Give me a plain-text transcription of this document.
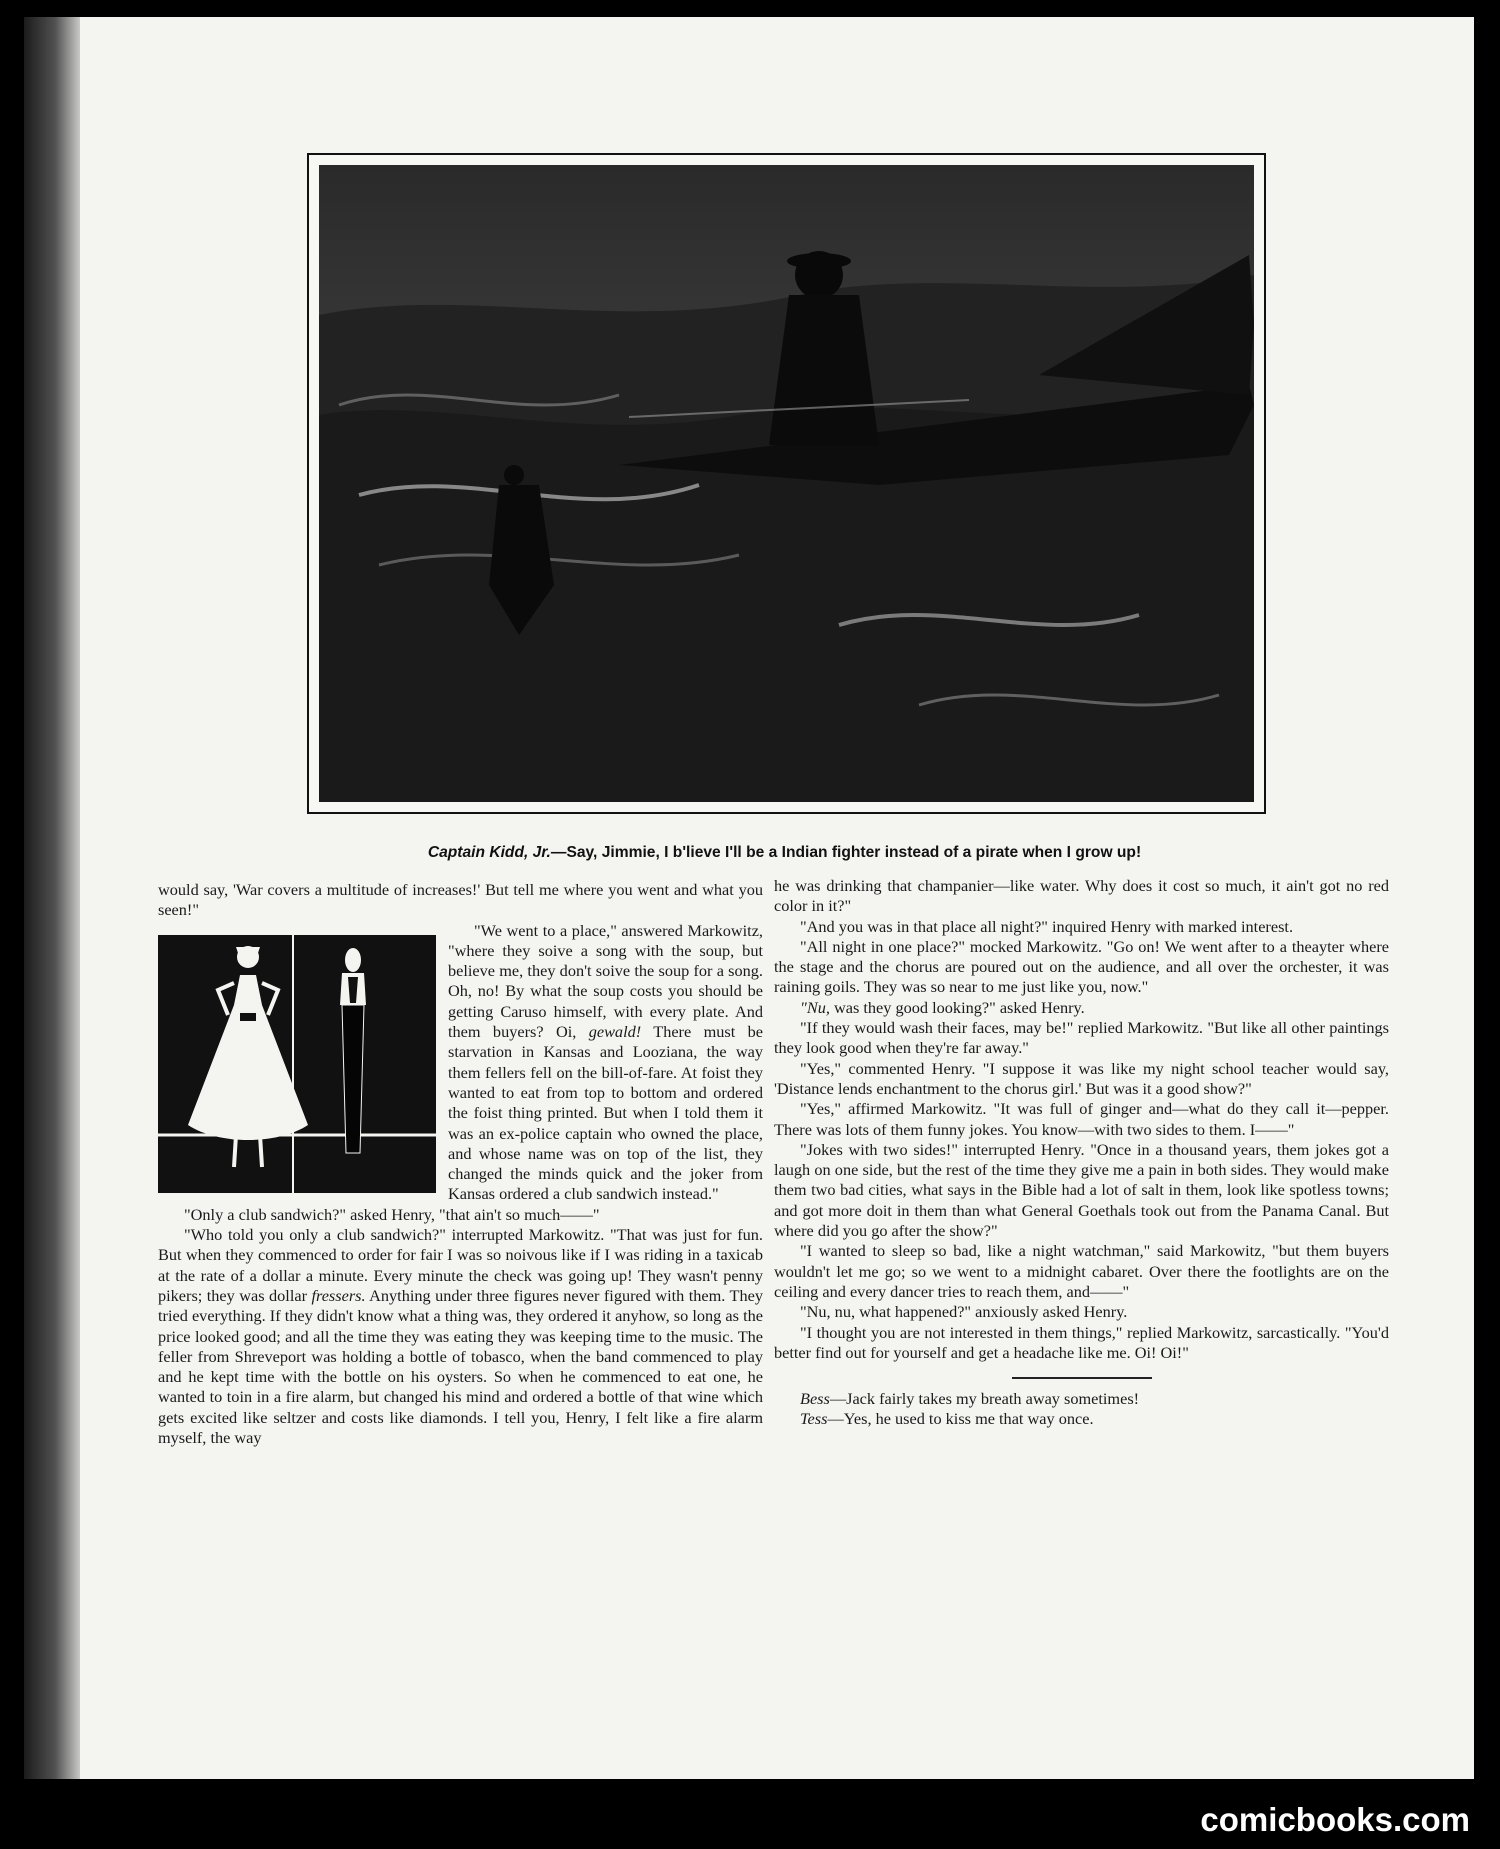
Captain Kidd, Jr.—Say, Jimmie, I b'lieve I'll be a Indian fighter instead of a pirate when I grow up!

would say, 'War covers a multitude of increases!' But tell me where you went and what you seen!"

"We went to a place," answered Markowitz, "where they soive a song with the soup, but believe me, they don't soive the soup for a song. Oh, no! By what the soup costs you should be getting Caruso himself, with every plate. And them buyers? Oi, gewald! There must be starvation in Kansas and Looziana, the way them fellers fell on the bill-of-fare. At foist they wanted to eat from top to bottom and ordered the foist thing printed. But when I told them it was an ex-police captain who owned the place, and whose name was on top of the list, they changed the minds quick and the joker from Kansas ordered a club sandwich instead."

"Only a club sandwich?" asked Henry, "that ain't so much——"

"Who told you only a club sandwich?" interrupted Markowitz. "That was just for fun. But when they commenced to order for fair I was so noivous like if I was riding in a taxicab at the rate of a dollar a minute. Every minute the check was going up! They wasn't penny pikers; they was dollar fressers. Anything under three figures never figured with them. They tried everything. If they didn't know what a thing was, they ordered it anyhow, so long as the price looked good; and all the time they was eating they was keeping time to the music. The feller from Shreveport was holding a bottle of tobasco, when the band commenced to play and he kept time with the bottle on his oysters. So when he commenced to eat one, he wanted to toin in a fire alarm, but changed his mind and ordered a bottle of that wine which gets excited like seltzer and costs like diamonds. I tell you, Henry, I felt like a fire alarm myself, the way

he was drinking that champanier—like water. Why does it cost so much, it ain't got no red color in it?"

"And you was in that place all night?" inquired Henry with marked interest.

"All night in one place?" mocked Markowitz. "Go on! We went after to a theayter where the stage and the chorus are poured out on the audience, and all over the orchester, it was raining goils. They was so near to me just like you, now."

"Nu, was they good looking?" asked Henry.

"If they would wash their faces, may be!" replied Markowitz. "But like all other paintings they look good when they're far away."

"Yes," commented Henry. "I suppose it was like my night school teacher would say, 'Distance lends enchantment to the chorus girl.' But was it a good show?"

"Yes," affirmed Markowitz. "It was full of ginger and—what do they call it—pepper. There was lots of them funny jokes. You know—with two sides to them. I——"

"Jokes with two sides!" interrupted Henry. "Once in a thousand years, them jokes got a laugh on one side, but the rest of the time they give me a pain in both sides. They would make them two bad cities, what says in the Bible had a lot of salt in them, look like spotless towns; and got more doit in them than what General Goethals took out from the Panama Canal. But where did you go after the show?"

"I wanted to sleep so bad, like a night watchman," said Markowitz, "but them buyers wouldn't let me go; so we went to a midnight cabaret. Over there the footlights are on the ceiling and every dancer tries to reach them, and——"

"Nu, nu, what happened?" anxiously asked Henry.

"I thought you are not interested in them things," replied Markowitz, sarcastically. "You'd better find out for yourself and get a headache like me. Oi! Oi!"

Bess—Jack fairly takes my breath away sometimes!

Tess—Yes, he used to kiss me that way once.

comicbooks.com
